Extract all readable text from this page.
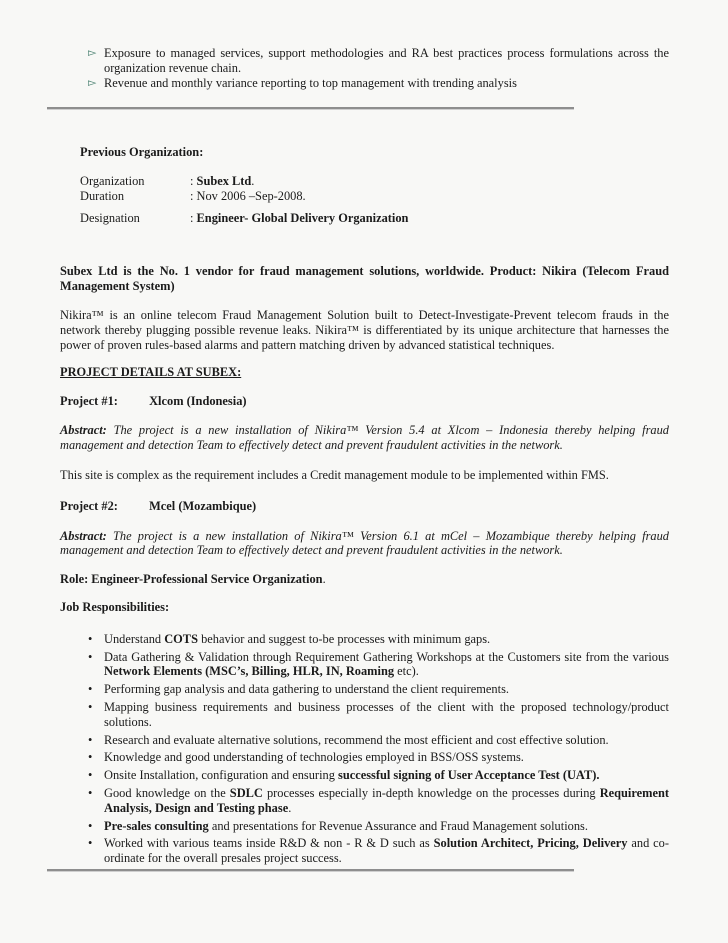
▻ Exposure to managed services, support methodologies and RA best practices process formulations across the organization revenue chain.
▻ Revenue and monthly variance reporting to top management with trending analysis
Previous Organization:
Organization	: Subex Ltd.
Duration	: Nov 2006 –Sep-2008.
Designation	: Engineer- Global Delivery Organization
Subex Ltd is the No. 1 vendor for fraud management solutions, worldwide. Product: Nikira (Telecom Fraud Management System)
Nikira™ is an online telecom Fraud Management Solution built to Detect-Investigate-Prevent telecom frauds in the network thereby plugging possible revenue leaks. Nikira™ is differentiated by its unique architecture that harnesses the power of proven rules-based alarms and pattern matching driven by advanced statistical techniques.
PROJECT DETAILS AT SUBEX:
Project #1:	Xlcom (Indonesia)
Abstract: The project is a new installation of Nikira™ Version 5.4 at Xlcom – Indonesia thereby helping fraud management and detection Team to effectively detect and prevent fraudulent activities in the network.
This site is complex as the requirement includes a Credit management module to be implemented within FMS.
Project #2:	Mcel (Mozambique)
Abstract: The project is a new installation of Nikira™ Version 6.1 at mCel – Mozambique thereby helping fraud management and detection Team to effectively detect and prevent fraudulent activities in the network.
Role: Engineer-Professional Service Organization.
Job Responsibilities:
• Understand COTS behavior and suggest to-be processes with minimum gaps.
• Data Gathering & Validation through Requirement Gathering Workshops at the Customers site from the various Network Elements (MSC’s, Billing, HLR, IN, Roaming etc).
• Performing gap analysis and data gathering to understand the client requirements.
• Mapping business requirements and business processes of the client with the proposed technology/product solutions.
• Research and evaluate alternative solutions, recommend the most efficient and cost effective solution.
• Knowledge and good understanding of technologies employed in BSS/OSS systems.
• Onsite Installation, configuration and ensuring successful signing of User Acceptance Test (UAT).
• Good knowledge on the SDLC processes especially in-depth knowledge on the processes during Requirement Analysis, Design and Testing phase.
• Pre-sales consulting and presentations for Revenue Assurance and Fraud Management solutions.
• Worked with various teams inside R&D & non - R & D such as Solution Architect, Pricing, Delivery and co-ordinate for the overall presales project success.
